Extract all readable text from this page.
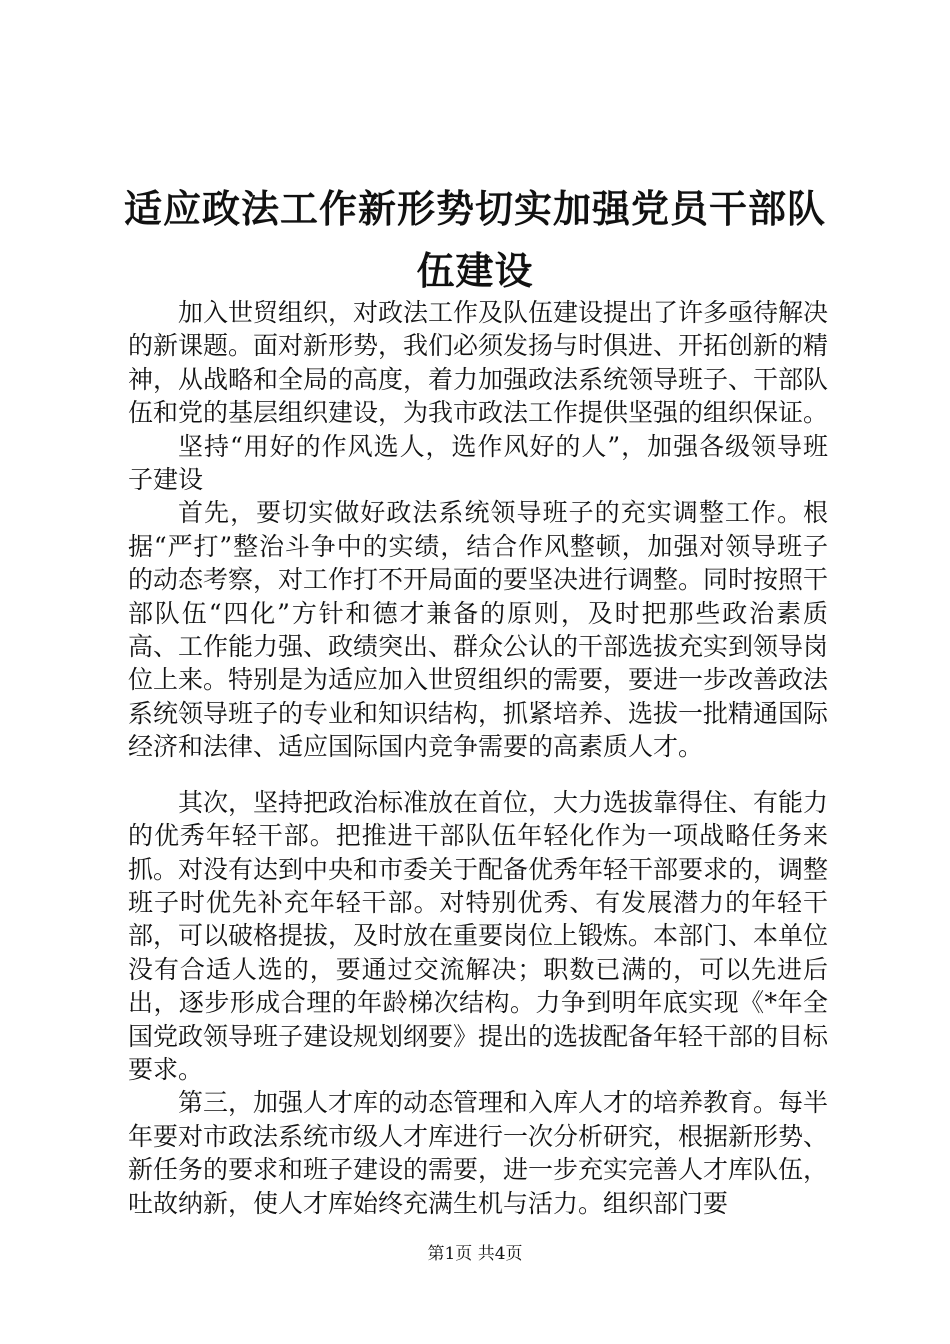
适应政法工作新形势切实加强党员干部队伍建设

加入世贸组织，对政法工作及队伍建设提出了许多亟待解决的新课题。面对新形势，我们必须发扬与时俱进、开拓创新的精神，从战略和全局的高度，着力加强政法系统领导班子、干部队伍和党的基层组织建设，为我市政法工作提供坚强的组织保证。

坚持“用好的作风选人，选作风好的人”，加强各级领导班子建设

首先，要切实做好政法系统领导班子的充实调整工作。根据“严打”整治斗争中的实绩，结合作风整顿，加强对领导班子的动态考察，对工作打不开局面的要坚决进行调整。同时按照干部队伍“四化”方针和德才兼备的原则，及时把那些政治素质高、工作能力强、政绩突出、群众公认的干部选拔充实到领导岗位上来。特别是为适应加入世贸组织的需要，要进一步改善政法系统领导班子的专业和知识结构，抓紧培养、选拔一批精通国际经济和法律、适应国际国内竞争需要的高素质人才。

其次，坚持把政治标准放在首位，大力选拔靠得住、有能力的优秀年轻干部。把推进干部队伍年轻化作为一项战略任务来抓。对没有达到中央和市委关于配备优秀年轻干部要求的，调整班子时优先补充年轻干部。对特别优秀、有发展潜力的年轻干部，可以破格提拔，及时放在重要岗位上锻炼。本部门、本单位没有合适人选的，要通过交流解决；职数已满的，可以先进后出，逐步形成合理的年龄梯次结构。力争到明年底实现《*年全国党政领导班子建设规划纲要》提出的选拔配备年轻干部的目标要求。

第三，加强人才库的动态管理和入库人才的培养教育。每半年要对市政法系统市级人才库进行一次分析研究，根据新形势、新任务的要求和班子建设的需要，进一步充实完善人才库队伍，吐故纳新，使人才库始终充满生机与活力。组织部门要

第1页 共4页
